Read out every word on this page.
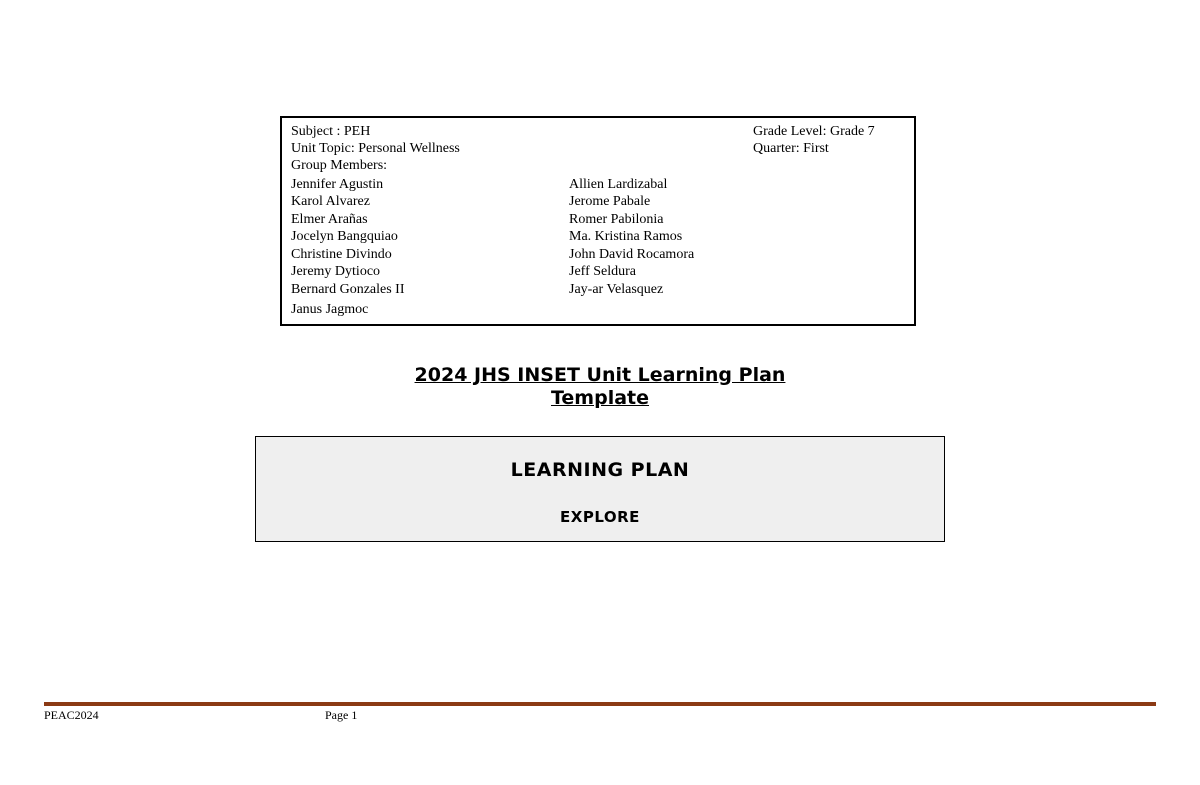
Subject : PEH
Unit Topic: Personal Wellness
Group Members:
Grade Level: Grade 7
Quarter: First
Jennifer Agustin
Karol Alvarez
Elmer Arañas
Jocelyn Bangquiao
Christine Divindo
Jeremy Dytioco
Bernard Gonzales II
Janus Jagmoc
Allien Lardizabal
Jerome Pabale
Romer Pabilonia
Ma. Kristina Ramos
John David Rocamora
Jeff Seldura
Jay-ar Velasquez
2024 JHS INSET Unit Learning Plan
Template
LEARNING PLAN
EXPLORE
PEAC2024	Page 1
